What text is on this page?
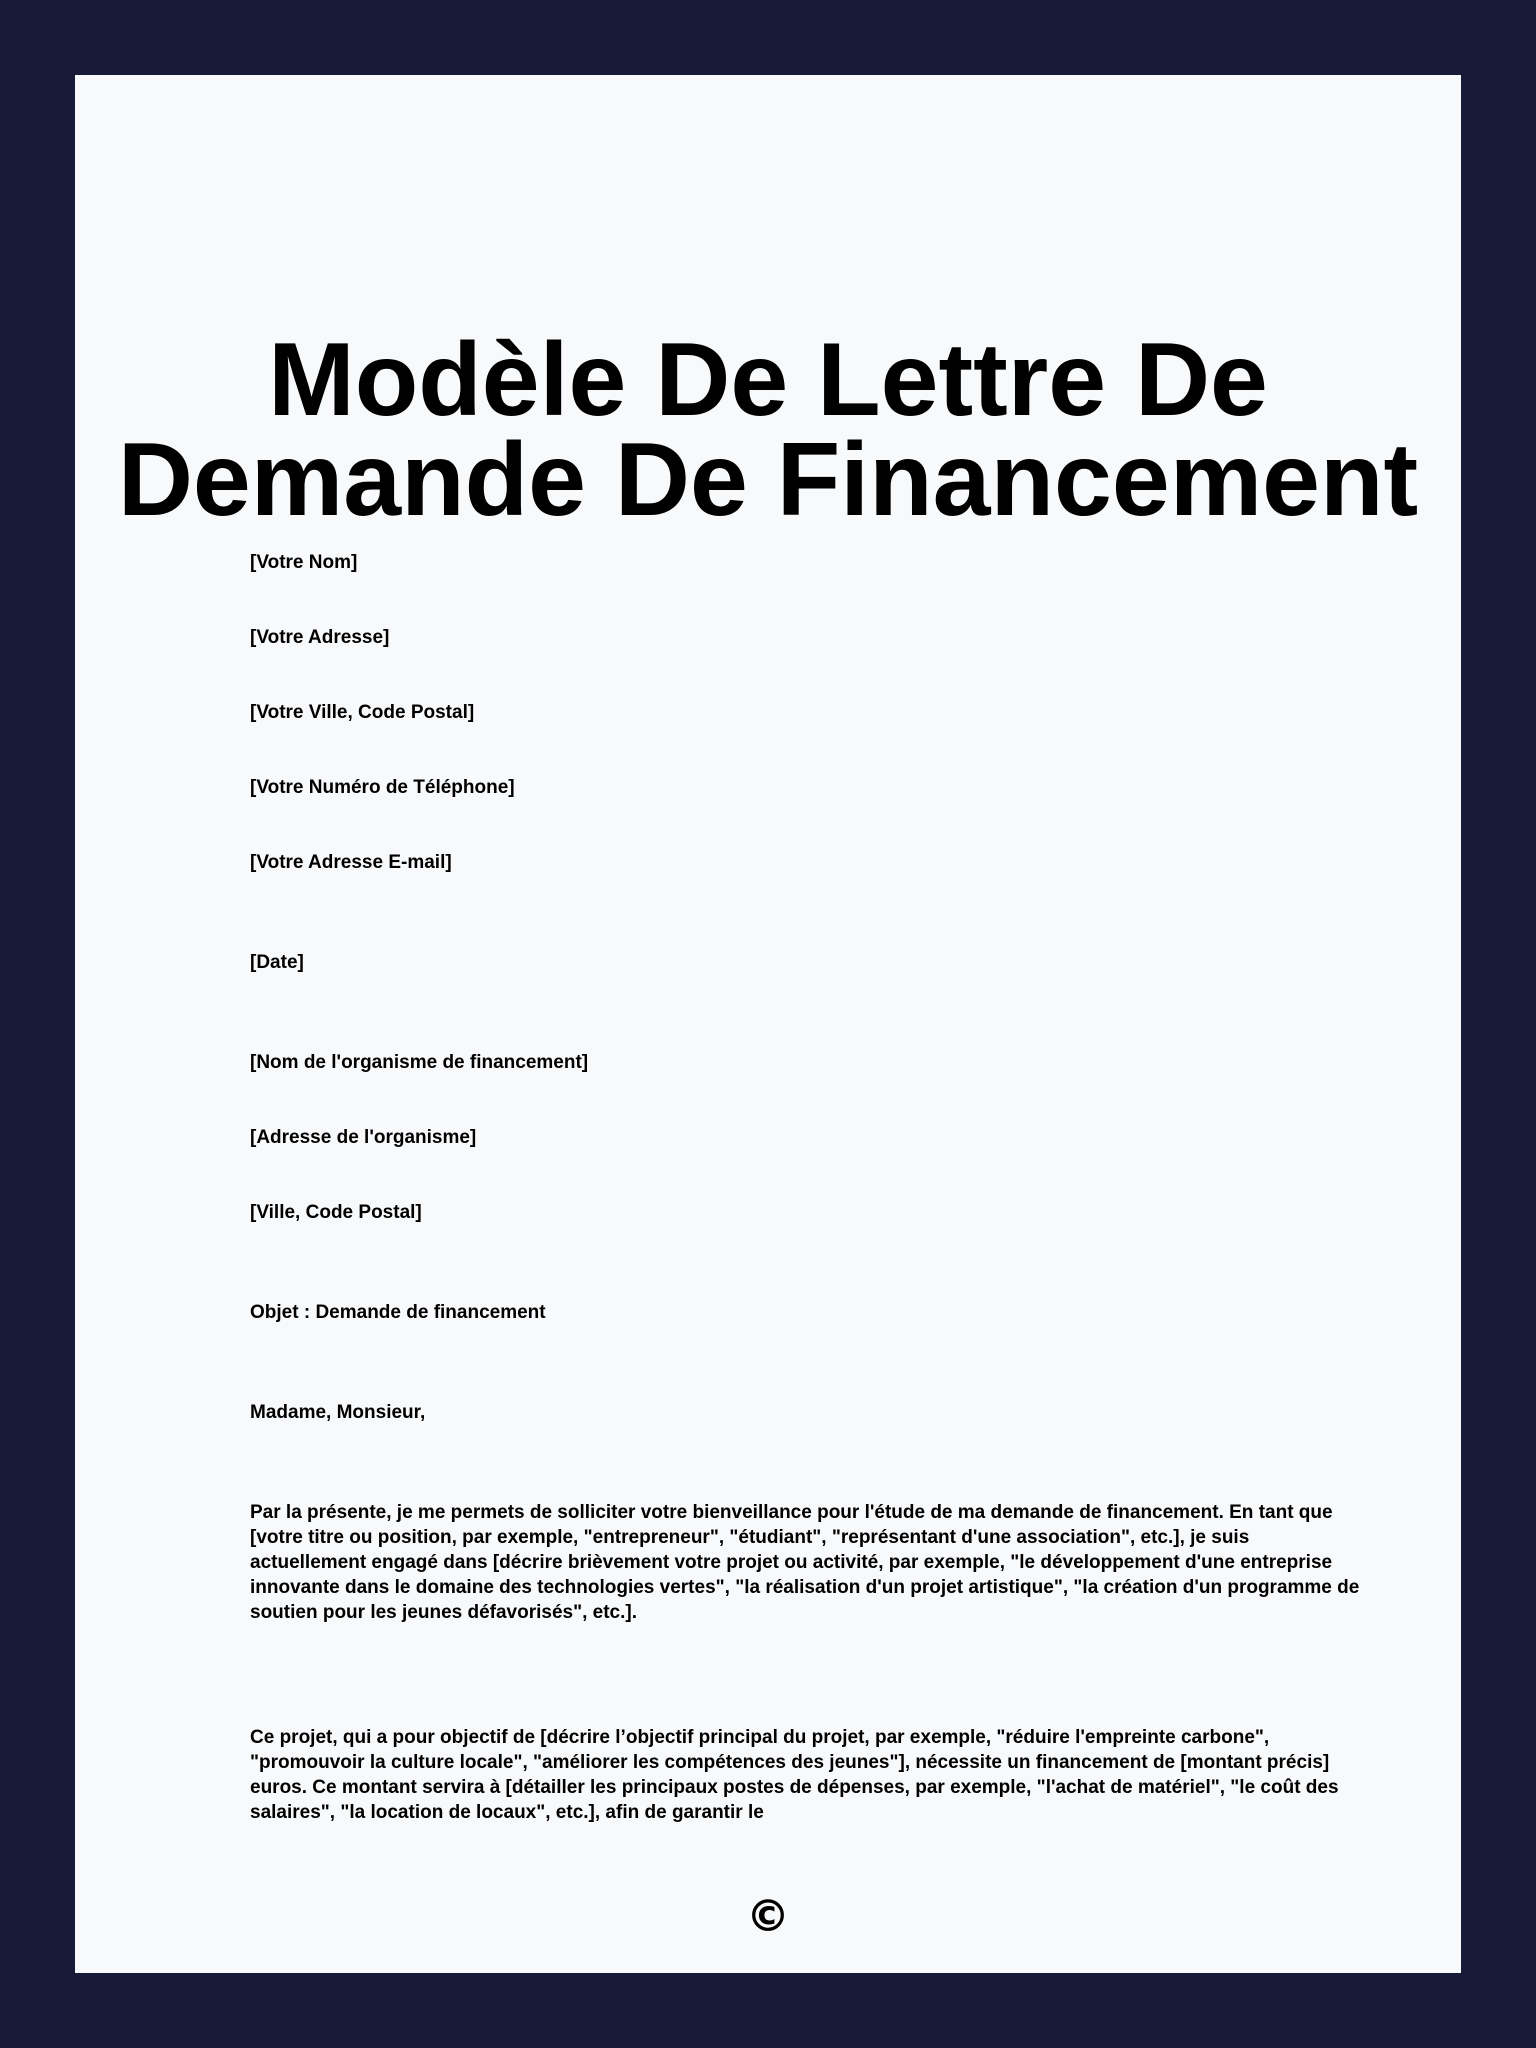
Modèle De Lettre De
Demande De Financement
[Votre Nom]
[Votre Adresse]
[Votre Ville, Code Postal]
[Votre Numéro de Téléphone]
[Votre Adresse E-mail]
[Date]
[Nom de l'organisme de financement]
[Adresse de l'organisme]
[Ville, Code Postal]
Objet : Demande de financement
Madame, Monsieur,
Par la présente, je me permets de solliciter votre bienveillance pour l'étude de ma demande de financement. En tant que [votre titre ou position, par exemple, "entrepreneur", "étudiant", "représentant d'une association", etc.], je suis actuellement engagé dans [décrire brièvement votre projet ou activité, par exemple, "le développement d'une entreprise innovante dans le domaine des technologies vertes", "la réalisation d'un projet artistique", "la création d'un programme de soutien pour les jeunes défavorisés", etc.].
Ce projet, qui a pour objectif de [décrire l’objectif principal du projet, par exemple, "réduire l'empreinte carbone", "promouvoir la culture locale", "améliorer les compétences des jeunes"], nécessite un financement de [montant précis] euros. Ce montant servira à [détailler les principaux postes de dépenses, par exemple, "l'achat de matériel", "le coût des salaires", "la location de locaux", etc.], afin de garantir le
©
